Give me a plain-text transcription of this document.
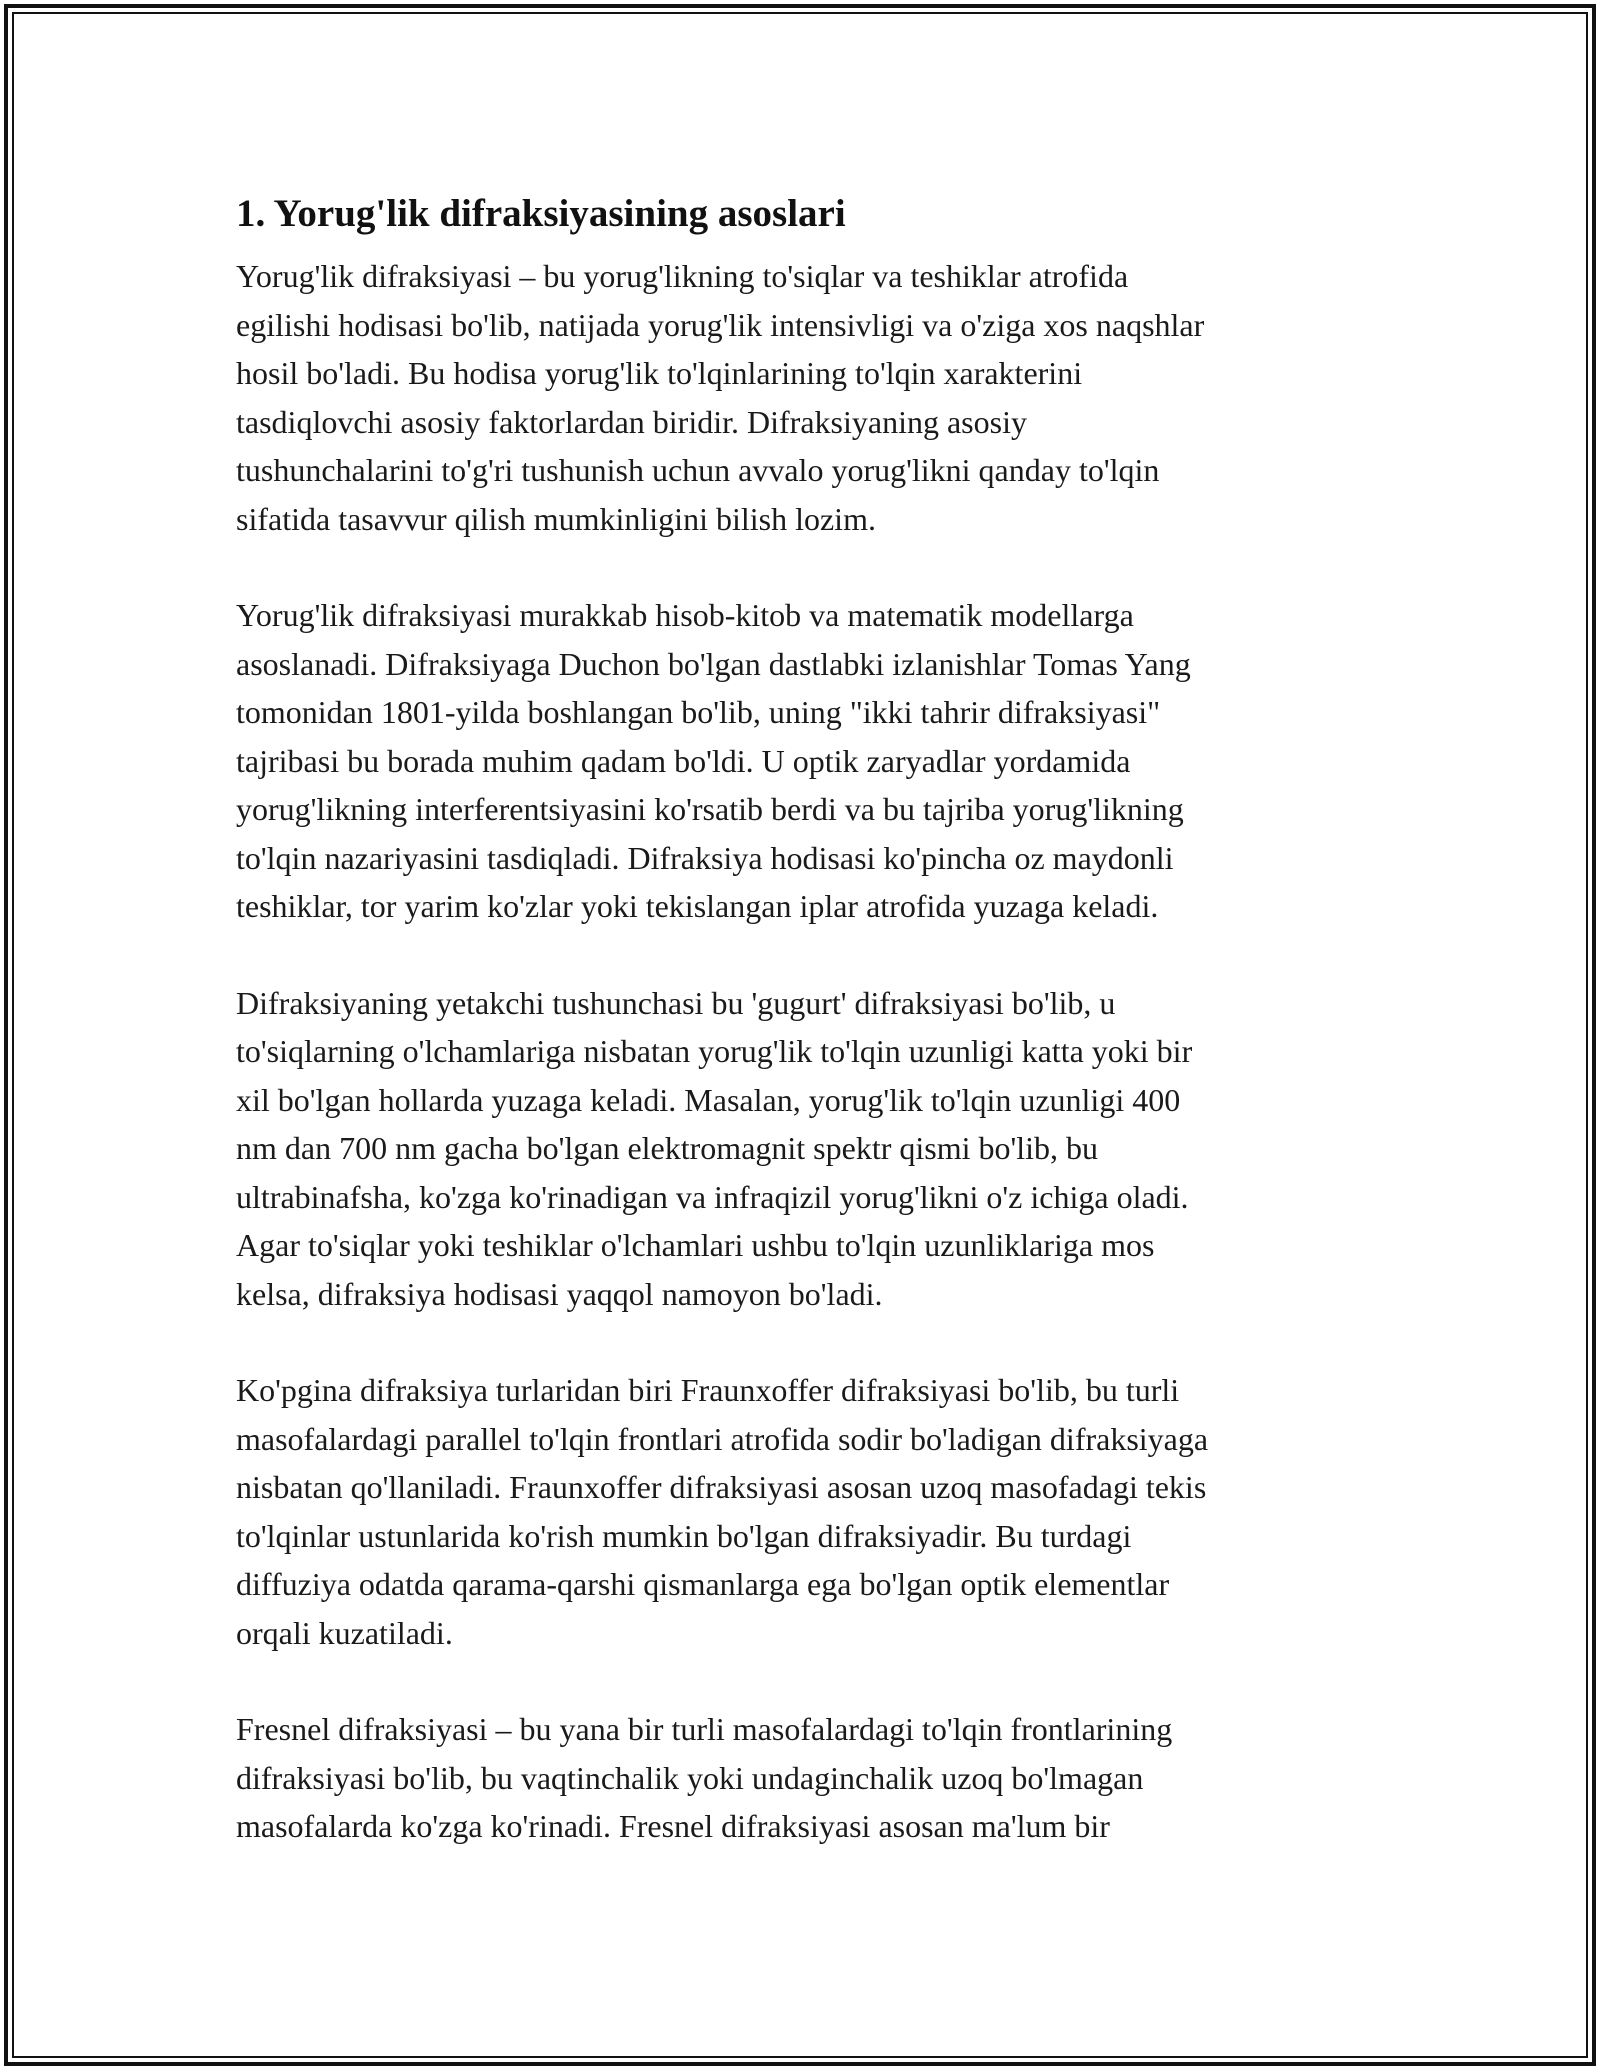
1. Yorug'lik difraksiyasining asoslari

Yorug'lik difraksiyasi – bu yorug'likning to'siqlar va teshiklar atrofida
egilishi hodisasi bo'lib, natijada yorug'lik intensivligi va o'ziga xos naqshlar
hosil bo'ladi. Bu hodisa yorug'lik to'lqinlarining to'lqin xarakterini
tasdiqlovchi asosiy faktorlardan biridir. Difraksiyaning asosiy
tushunchalarini to'g'ri tushunish uchun avvalo yorug'likni qanday to'lqin
sifatida tasavvur qilish mumkinligini bilish lozim.

Yorug'lik difraksiyasi murakkab hisob-kitob va matematik modellarga
asoslanadi. Difraksiyaga Duchon bo'lgan dastlabki izlanishlar Tomas Yang
tomonidan 1801-yilda boshlangan bo'lib, uning "ikki tahrir difraksiyasi"
tajribasi bu borada muhim qadam bo'ldi. U optik zaryadlar yordamida
yorug'likning interferentsiyasini ko'rsatib berdi va bu tajriba yorug'likning
to'lqin nazariyasini tasdiqladi. Difraksiya hodisasi ko'pincha oz maydonli
teshiklar, tor yarim ko'zlar yoki tekislangan iplar atrofida yuzaga keladi.

Difraksiyaning yetakchi tushunchasi bu 'gugurt' difraksiyasi bo'lib, u
to'siqlarning o'lchamlariga nisbatan yorug'lik to'lqin uzunligi katta yoki bir
xil bo'lgan hollarda yuzaga keladi. Masalan, yorug'lik to'lqin uzunligi 400
nm dan 700 nm gacha bo'lgan elektromagnit spektr qismi bo'lib, bu
ultrabinafsha, ko'zga ko'rinadigan va infraqizil yorug'likni o'z ichiga oladi.
Agar to'siqlar yoki teshiklar o'lchamlari ushbu to'lqin uzunliklariga mos
kelsa, difraksiya hodisasi yaqqol namoyon bo'ladi.

Ko'pgina difraksiya turlaridan biri Fraunxoffer difraksiyasi bo'lib, bu turli
masofalardagi parallel to'lqin frontlari atrofida sodir bo'ladigan difraksiyaga
nisbatan qo'llaniladi. Fraunxoffer difraksiyasi asosan uzoq masofadagi tekis
to'lqinlar ustunlarida ko'rish mumkin bo'lgan difraksiyadir. Bu turdagi
diffuziya odatda qarama-qarshi qismanlarga ega bo'lgan optik elementlar
orqali kuzatiladi.

Fresnel difraksiyasi – bu yana bir turli masofalardagi to'lqin frontlarining
difraksiyasi bo'lib, bu vaqtinchalik yoki undaginchalik uzoq bo'lmagan
masofalarda ko'zga ko'rinadi. Fresnel difraksiyasi asosan ma'lum bir
